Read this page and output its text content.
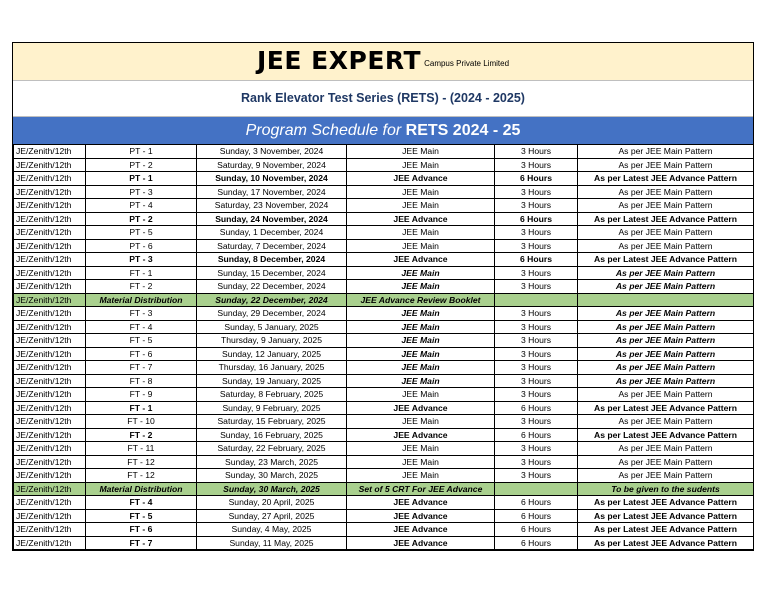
JEE EXPERT Campus Private Limited
Rank Elevator Test Series (RETS) - (2024 - 2025)
Program Schedule for RETS 2024 - 25
JE/Zenith/12th	PT - 1	Sunday, 3 November, 2024	JEE Main	3 Hours	As per JEE Main Pattern
JE/Zenith/12th	PT - 2	Saturday, 9 November, 2024	JEE Main	3 Hours	As per JEE Main Pattern
JE/Zenith/12th	PT - 1	Sunday, 10 November, 2024	JEE Advance	6 Hours	As per Latest JEE Advance Pattern
JE/Zenith/12th	PT - 3	Sunday, 17 November, 2024	JEE Main	3 Hours	As per JEE Main Pattern
JE/Zenith/12th	PT - 4	Saturday, 23 November, 2024	JEE Main	3 Hours	As per JEE Main Pattern
JE/Zenith/12th	PT - 2	Sunday, 24 November, 2024	JEE Advance	6 Hours	As per Latest JEE Advance Pattern
JE/Zenith/12th	PT - 5	Sunday, 1 December, 2024	JEE Main	3 Hours	As per JEE Main Pattern
JE/Zenith/12th	PT - 6	Saturday, 7 December, 2024	JEE Main	3 Hours	As per JEE Main Pattern
JE/Zenith/12th	PT - 3	Sunday, 8 December, 2024	JEE Advance	6 Hours	As per Latest JEE Advance Pattern
JE/Zenith/12th	FT - 1	Sunday, 15 December, 2024	JEE Main	3 Hours	As per JEE Main Pattern
JE/Zenith/12th	FT - 2	Sunday, 22 December, 2024	JEE Main	3 Hours	As per JEE Main Pattern
JE/Zenith/12th	Material Distribution	Sunday, 22 December, 2024	JEE Advance Review Booklet		
JE/Zenith/12th	FT - 3	Sunday, 29 December, 2024	JEE Main	3 Hours	As per JEE Main Pattern
JE/Zenith/12th	FT - 4	Sunday, 5 January, 2025	JEE Main	3 Hours	As per JEE Main Pattern
JE/Zenith/12th	FT - 5	Thursday, 9 January, 2025	JEE Main	3 Hours	As per JEE Main Pattern
JE/Zenith/12th	FT - 6	Sunday, 12 January, 2025	JEE Main	3 Hours	As per JEE Main Pattern
JE/Zenith/12th	FT - 7	Thursday, 16 January, 2025	JEE Main	3 Hours	As per JEE Main Pattern
JE/Zenith/12th	FT - 8	Sunday, 19 January, 2025	JEE Main	3 Hours	As per JEE Main Pattern
JE/Zenith/12th	FT - 9	Saturday, 8 February, 2025	JEE Main	3 Hours	As per JEE Main Pattern
JE/Zenith/12th	FT - 1	Sunday, 9 February, 2025	JEE Advance	6 Hours	As per Latest JEE Advance Pattern
JE/Zenith/12th	FT - 10	Saturday, 15 February, 2025	JEE Main	3 Hours	As per JEE Main Pattern
JE/Zenith/12th	FT - 2	Sunday, 16 February, 2025	JEE Advance	6 Hours	As per Latest JEE Advance Pattern
JE/Zenith/12th	FT - 11	Saturday, 22 February, 2025	JEE Main	3 Hours	As per JEE Main Pattern
JE/Zenith/12th	FT - 12	Sunday, 23 March, 2025	JEE Main	3 Hours	As per JEE Main Pattern
JE/Zenith/12th	FT - 12	Sunday, 30 March, 2025	JEE Main	3 Hours	As per JEE Main Pattern
JE/Zenith/12th	Material Distribution	Sunday, 30 March, 2025	Set of 5 CRT For JEE Advance		To be given to the sudents
JE/Zenith/12th	FT - 4	Sunday, 20 April, 2025	JEE Advance	6 Hours	As per Latest JEE Advance Pattern
JE/Zenith/12th	FT - 5	Sunday, 27 April, 2025	JEE Advance	6 Hours	As per Latest JEE Advance Pattern
JE/Zenith/12th	FT - 6	Sunday, 4 May, 2025	JEE Advance	6 Hours	As per Latest JEE Advance Pattern
JE/Zenith/12th	FT - 7	Sunday, 11 May, 2025	JEE Advance	6 Hours	As per Latest JEE Advance Pattern
